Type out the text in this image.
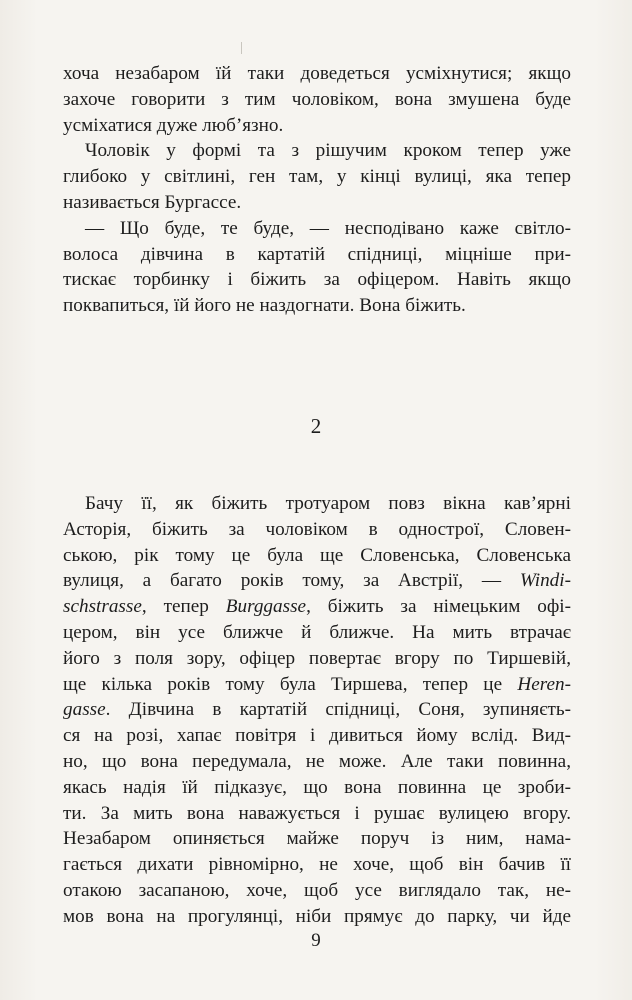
хоча незабаром їй таки доведеться усміхнутися; якщо
захоче говорити з тим чоловіком, вона змушена буде
усміхатися дуже люб’язно.
Чоловік у формі та з рішучим кроком тепер уже
глибоко у світлині, ген там, у кінці вулиці, яка тепер
називається Бургассе.
— Що буде, те буде, — несподівано каже світло-
волоса дівчина в картатій спідниці, міцніше при-
тискає торбинку і біжить за офіцером. Навіть якщо
поквапиться, їй його не наздогнати. Вона біжить.
2
Бачу її, як біжить тротуаром повз вікна кав’ярні
Асторія, біжить за чоловіком в однострої, Словен-
ською, рік тому це була ще Словенська, Словенська
вулиця, а багато років тому, за Австрії, — Windi-
schstrasse, тепер Burggasse, біжить за німецьким офі-
цером, він усе ближче й ближче. На мить втрачає
його з поля зору, офіцер повертає вгору по Тиршевій,
ще кілька років тому була Тиршева, тепер це Heren-
gasse. Дівчина в картатій спідниці, Соня, зупиняєть-
ся на розі, хапає повітря і дивиться йому вслід. Вид-
но, що вона передумала, не може. Але таки повинна,
якась надія їй підказує, що вона повинна це зроби-
ти. За мить вона наважується і рушає вулицею вгору.
Незабаром опиняється майже поруч із ним, нама-
гається дихати рівномірно, не хоче, щоб він бачив її
отакою засапаною, хоче, щоб усе виглядало так, не-
мов вона на прогулянці, ніби прямує до парку, чи йде
9
